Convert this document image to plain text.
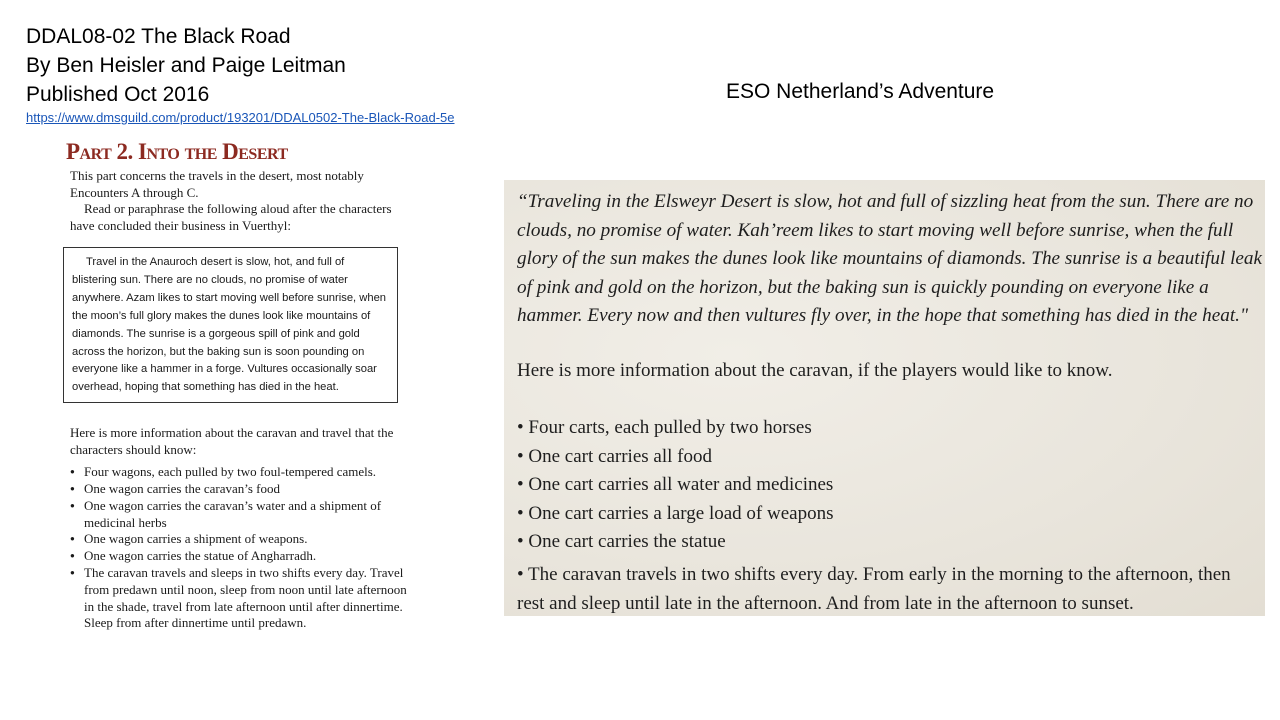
DDAL08-02 The Black Road
By Ben Heisler and Paige Leitman
Published Oct 2016
https://www.dmsguild.com/product/193201/DDAL0502-The-Black-Road-5e
ESO Netherland’s Adventure
Part 2. Into the Desert

This part concerns the travels in the desert, most notably Encounters A through C.

Read or paraphrase the following aloud after the characters have concluded their business in Vuerthyl:

Travel in the Anauroch desert is slow, hot, and full of blistering sun. There are no clouds, no promise of water anywhere. Azam likes to start moving well before sunrise, when the moon’s full glory makes the dunes look like mountains of diamonds. The sunrise is a gorgeous spill of pink and gold across the horizon, but the baking sun is soon pounding on everyone like a hammer in a forge. Vultures occasionally soar overhead, hoping that something has died in the heat.

Here is more information about the caravan and travel that the characters should know:

● Four wagons, each pulled by two foul-tempered camels.
● One wagon carries the caravan’s food
● One wagon carries the caravan’s water and a shipment of medicinal herbs
● One wagon carries a shipment of weapons.
● One wagon carries the statue of Angharradh.
● The caravan travels and sleeps in two shifts every day. Travel from predawn until noon, sleep from noon until late afternoon in the shade, travel from late afternoon until after dinnertime. Sleep from after dinnertime until predawn.
“Traveling in the Elsweyr Desert is slow, hot and full of sizzling heat from the sun. There are no
clouds, no promise of water. Kah’reem likes to start moving well before sunrise, when the full
glory of the sun makes the dunes look like mountains of diamonds. The sunrise is a beautiful leak
of pink and gold on the horizon, but the baking sun is quickly pounding on everyone like a
hammer. Every now and then vultures fly over, in the hope that something has died in the heat."
Here is more information about the caravan, if the players would like to know.
• Four carts, each pulled by two horses
• One cart carries all food
• One cart carries all water and medicines
• One cart carries a large load of weapons
• One cart carries the statue
• The caravan travels in two shifts every day. From early in the morning to the afternoon, then rest and sleep until late in the afternoon. And from late in the afternoon to sunset.
